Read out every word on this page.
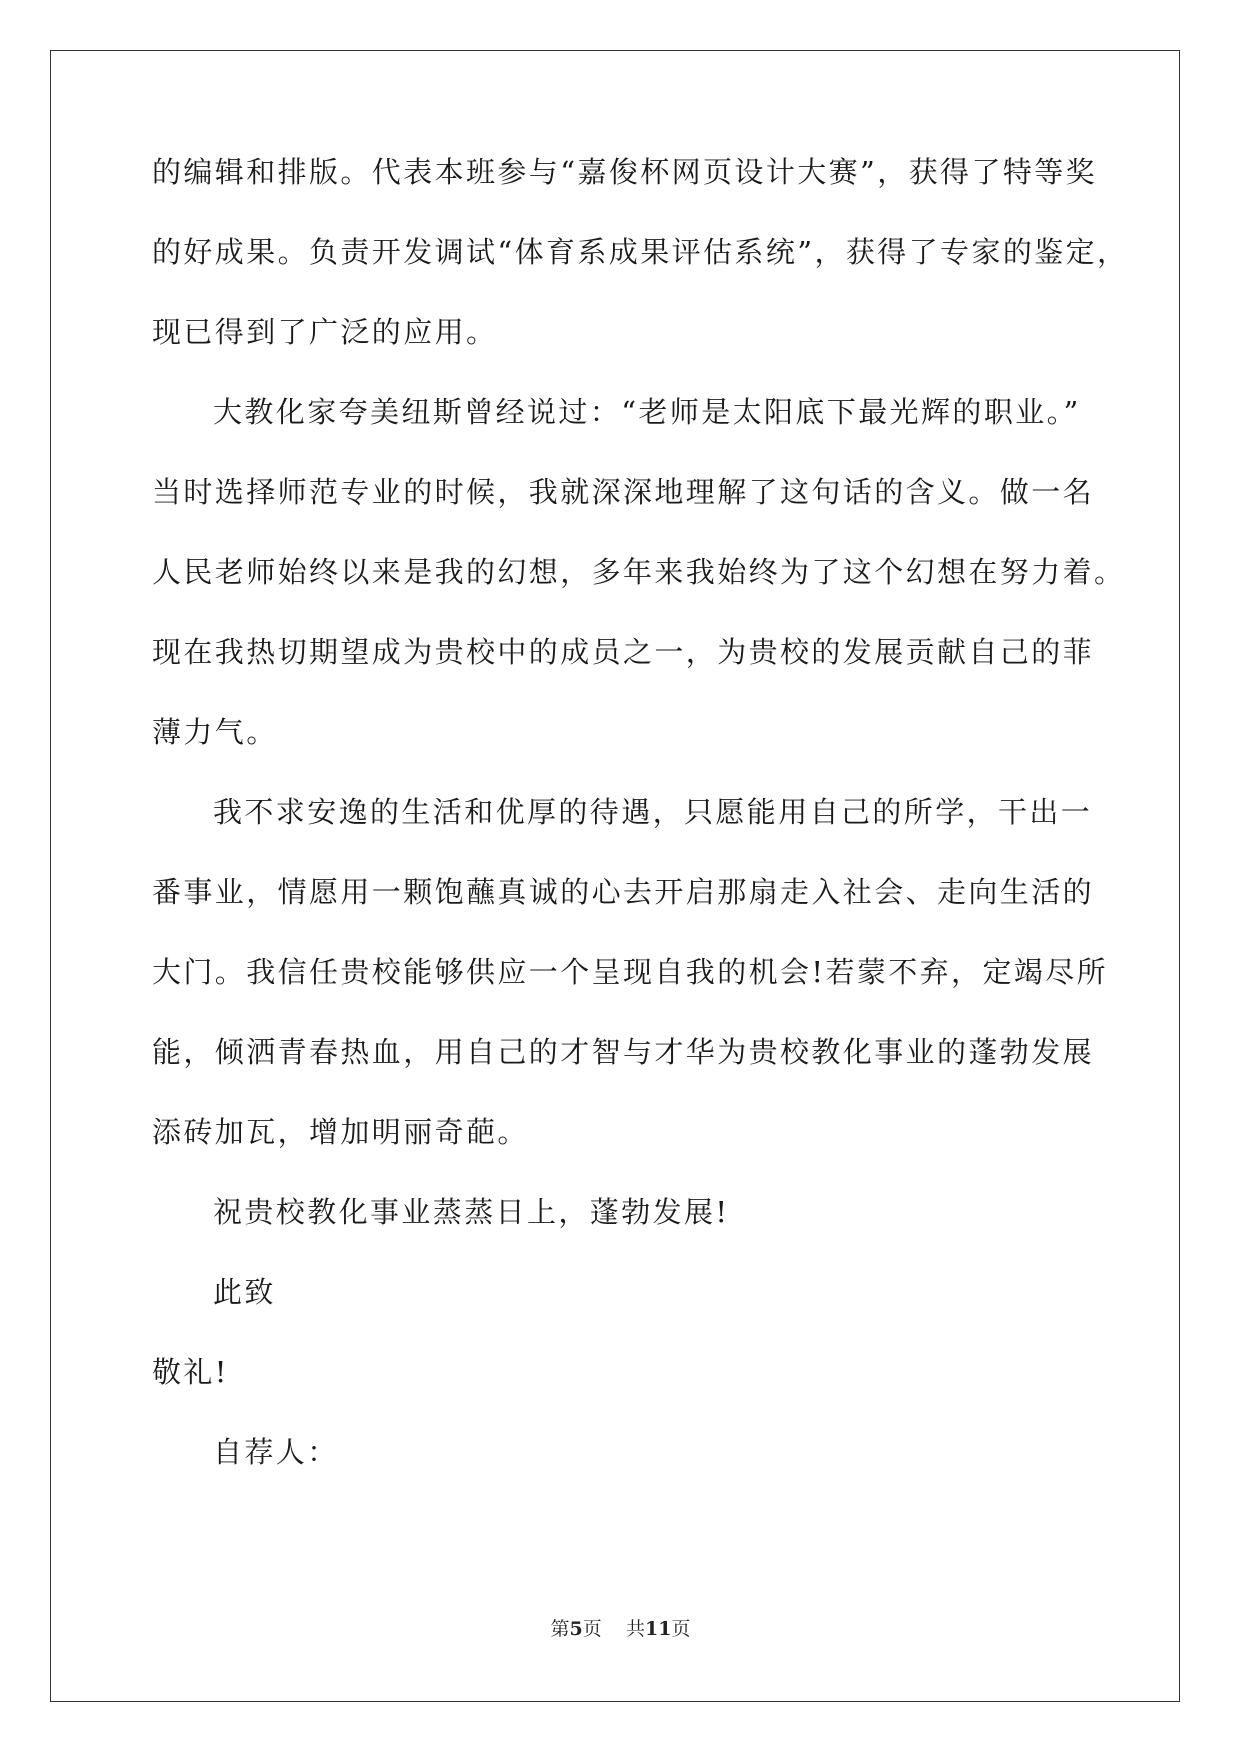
的编辑和排版。代表本班参与“嘉俊杯网页设计大赛”，获得了特等奖
的好成果。负责开发调试“体育系成果评估系统”，获得了专家的鉴定，
现已得到了广泛的应用。
大教化家夸美纽斯曾经说过：“老师是太阳底下最光辉的职业。”
当时选择师范专业的时候，我就深深地理解了这句话的含义。做一名
人民老师始终以来是我的幻想，多年来我始终为了这个幻想在努力着。
现在我热切期望成为贵校中的成员之一，为贵校的发展贡献自己的菲
薄力气。
我不求安逸的生活和优厚的待遇，只愿能用自己的所学，干出一
番事业，情愿用一颗饱蘸真诚的心去开启那扇走入社会、走向生活的
大门。我信任贵校能够供应一个呈现自我的机会!若蒙不弃，定竭尽所
能，倾洒青春热血，用自己的才智与才华为贵校教化事业的蓬勃发展
添砖加瓦，增加明丽奇葩。
祝贵校教化事业蒸蒸日上，蓬勃发展!
此致
敬礼!
自荐人：
第5页 共11页
